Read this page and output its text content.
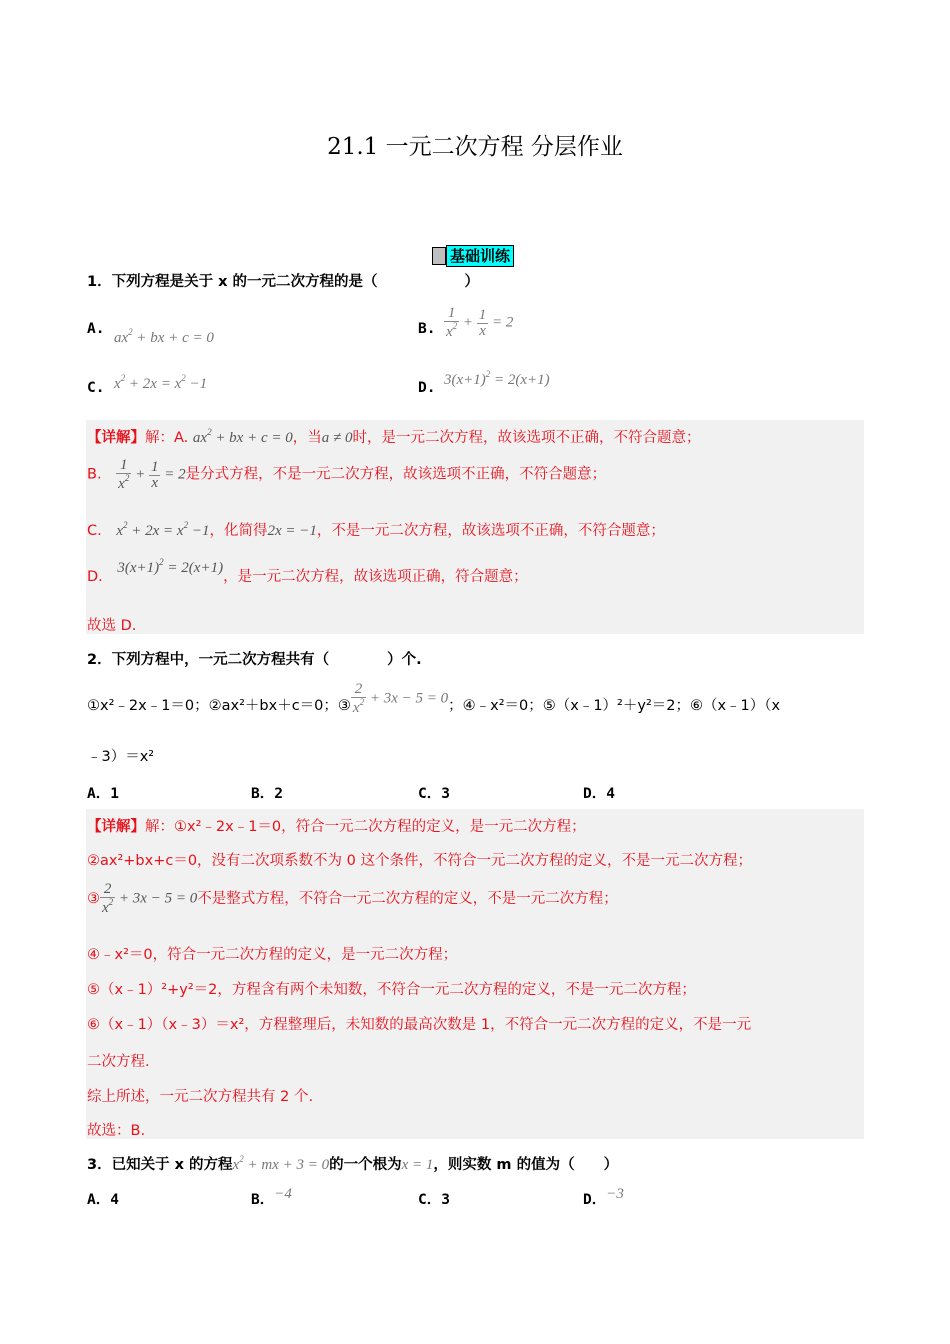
21.1 一元二次方程 分层作业
基础训练
1．下列方程是关于 x 的一元二次方程的是（　　　　　　）
A.
$ax^2$ + bx + c = 0
B. $\frac{1}{x^2} + \frac{1}{x} = 2$
C. $x^2 + 2x = x^2 -1$	D. $3(x+1)^2 = 2(x+1)$
【详解】解：A. $ax^2$ + bx + c = 0，当a ≠ 0时，是一元二次方程，故该选项不正确，不符合题意；
B. $\frac{1}{x^2} + \frac{1}{x} = 2$是分式方程，不是一元二次方程，故该选项不正确，不符合题意；
C. $x^2 + 2x = x^2 -1$，化简得2x = −1，不是一元二次方程，故该选项不正确，不符合题意；
D. $3(x+1)^2 = 2(x+1)$，是一元二次方程，故该选项正确，符合题意；
故选 D.
2．下列方程中，一元二次方程共有（　　　　）个.
①x²﹣2x﹣1＝0；②ax²＋bx＋c＝0；③ $\frac{2}{x^2} + 3x - 5 = 0$；④﹣x²＝0；⑤（x﹣1）²＋y²＝2；⑥（x﹣1）（x
﹣3）＝x²
A．1	B．2	C．3	D．4
【详解】解：①x²﹣2x﹣1＝0，符合一元二次方程的定义，是一元二次方程；
②ax²+bx+c＝0，没有二次项系数不为 0 这个条件，不符合一元二次方程的定义，不是一元二次方程；
③ $\frac{2}{x^2} + 3x - 5 = 0$不是整式方程，不符合一元二次方程的定义，不是一元二次方程；
④﹣x²＝0，符合一元二次方程的定义，是一元二次方程；
⑤（x﹣1）²+y²＝2，方程含有两个未知数，不符合一元二次方程的定义，不是一元二次方程；
⑥（x﹣1）（x﹣3）＝x²，方程整理后，未知数的最高次数是 1，不符合一元二次方程的定义，不是一元
二次方程.
综上所述，一元二次方程共有 2 个.
故选：B.
3．已知关于 x 的方程$x^2$ + mx + 3 = 0的一个根为x = 1，则实数 m 的值为（　　）
A．4	B．−4	C．3	D．−3
